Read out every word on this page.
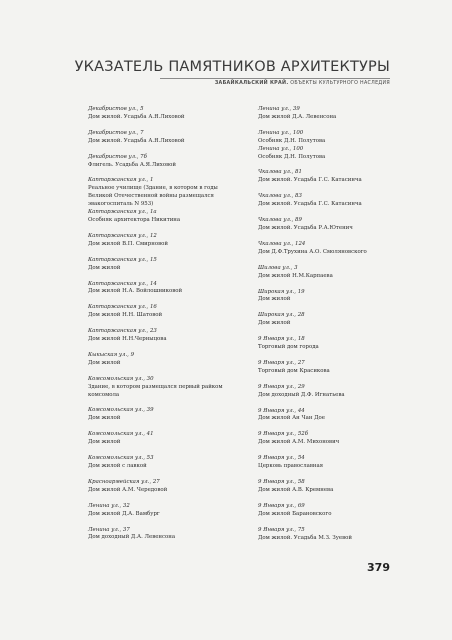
УКАЗАТЕЛЬ ПАМЯТНИКОВ АРХИТЕКТУРЫ
ЗАБАЙКАЛЬСКИЙ КРАЙ. ОБЪЕКТЫ КУЛЬТУРНОГО НАСЛЕДИЯ
Декабристов ул., 5
Дом жилой. Усадьба А.Я.Лиховой
Декабристов ул., 7
Дом жилой. Усадьба А.Я.Лиховой
Декабристов ул., 7б
Флигель. Усадьба А.Я.Лиховой
Каптаржанская ул., 1
Реальное училище (Здание, в котором в годы
Великой Отечественной войны размещался
эвакогоспиталь N 953)
Каптаржанская ул., 1а
Особняк архитектора Никитина
Каптаржанская ул., 12
Дом жилой В.П. Смирновой
Каптаржанская ул., 15
Дом жилой
Каптаржанская ул., 14
Дом жилой Н.А. Войлошниковой
Каптаржанская ул., 16
Дом жилой Н.Н. Шатовой
Каптаржанская ул., 23
Дом жилой Н.Н.Черныцова
Кыкыская ул., 9
Дом жилой
Комсомольская ул., 30
Здание, в котором размещался первый райком
комсомола
Комсомольская ул., 39
Дом жилой
Комсомольская ул., 41
Дом жилой
Комсомольская ул., 53
Дом жилой с лавкой
Красноармейская ул., 27
Дом жилой А.М. Чередовой
Ленина ул., 32
Дом жилой Д.А. Вамбург
Ленина ул., 37
Дом доходный Д.А. Левенсона
Ленина ул., 39
Дом жилой Д.А. Левенсона
Ленина ул., 100
Особняк Д.Н. Полутова
Ленина ул., 100
Особняк Д.Н. Полутова
Чкалова ул., 81
Дом жилой. Усадьба Г.С. Катасинча
Чкалова ул., 83
Дом жилой. Усадьба Г.С. Катасинча
Чкалова ул., 89
Дом жилой. Усадьба Р.А.Ютенич
Чкалова ул., 124
Дом Д.Ф.Трухина А.О. Смоляновского
Шилова ул., 3
Дом жилой Н.М.Карпаева
Широкая ул., 19
Дом жилой
Широкая ул., 28
Дом жилой
9 Января ул., 18
Торговый дом города
9 Января ул., 27
Торговый дом Красикова
9 Января ул., 29
Дом доходный Д.Ф. Игнатьева
9 Января ул., 44
Дом жилой Ан Чан Дое
9 Января ул., 52б
Дом жилой А.М. Михонович
9 Января ул., 54
Церковь православная
9 Января ул., 58
Дом жилой А.В. Кремнева
9 Января ул., 69
Дом жилой Барановского
9 Января ул., 75
Дом жилой. Усадьба М.З. Зуевой
379
